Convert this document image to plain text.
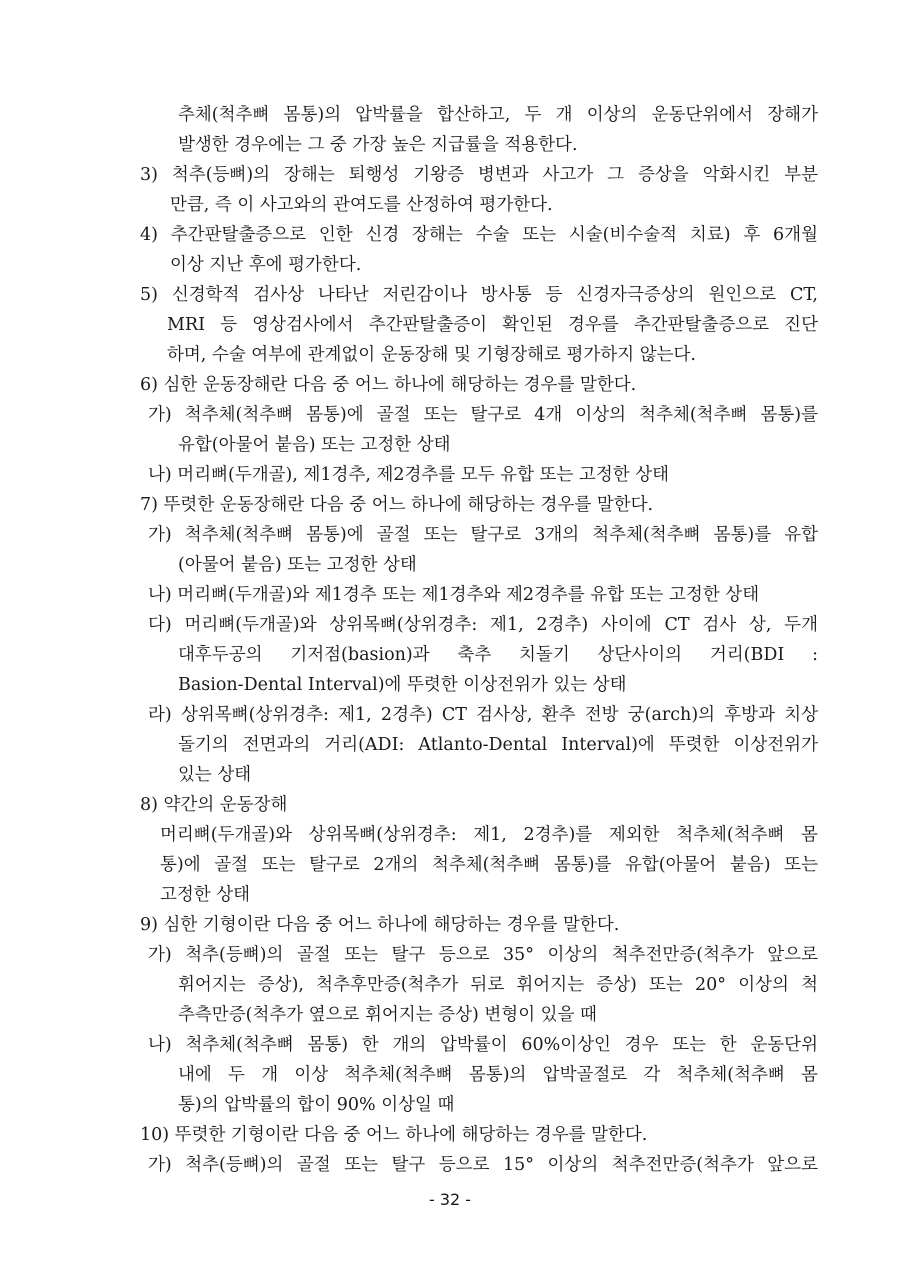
추체(척추뼈 몸통)의 압박률을 합산하고, 두 개 이상의 운동단위에서 장해가
발생한 경우에는 그 중 가장 높은 지급률을 적용한다.
3) 척추(등뼈)의 장해는 퇴행성 기왕증 병변과 사고가 그 증상을 악화시킨 부분
만큼, 즉 이 사고와의 관여도를 산정하여 평가한다.
4) 추간판탈출증으로 인한 신경 장해는 수술 또는 시술(비수술적 치료) 후 6개월
이상 지난 후에 평가한다.
5) 신경학적 검사상 나타난 저린감이나 방사통 등 신경자극증상의 원인으로 CT,
MRI 등 영상검사에서 추간판탈출증이 확인된 경우를 추간판탈출증으로 진단
하며, 수술 여부에 관계없이 운동장해 및 기형장해로 평가하지 않는다.
6) 심한 운동장해란 다음 중 어느 하나에 해당하는 경우를 말한다.
가) 척추체(척추뼈 몸통)에 골절 또는 탈구로 4개 이상의 척추체(척추뼈 몸통)를
유합(아물어 붙음) 또는 고정한 상태
나) 머리뼈(두개골), 제1경추, 제2경추를 모두 유합 또는 고정한 상태
7) 뚜렷한 운동장해란 다음 중 어느 하나에 해당하는 경우를 말한다.
가) 척추체(척추뼈 몸통)에 골절 또는 탈구로 3개의 척추체(척추뼈 몸통)를 유합
(아물어 붙음) 또는 고정한 상태
나) 머리뼈(두개골)와 제1경추 또는 제1경추와 제2경추를 유합 또는 고정한 상태
다) 머리뼈(두개골)와 상위목뼈(상위경추: 제1, 2경추) 사이에 CT 검사 상, 두개
대후두공의 기저점(basion)과 축추 치돌기 상단사이의 거리(BDI :
Basion-Dental Interval)에 뚜렷한 이상전위가 있는 상태
라) 상위목뼈(상위경추: 제1, 2경추) CT 검사상, 환추 전방 궁(arch)의 후방과 치상
돌기의 전면과의 거리(ADI: Atlanto-Dental Interval)에 뚜렷한 이상전위가
있는 상태
8) 약간의 운동장해
머리뼈(두개골)와 상위목뼈(상위경추: 제1, 2경추)를 제외한 척추체(척추뼈 몸
통)에 골절 또는 탈구로 2개의 척추체(척추뼈 몸통)를 유합(아물어 붙음) 또는
고정한 상태
9) 심한 기형이란 다음 중 어느 하나에 해당하는 경우를 말한다.
가) 척추(등뼈)의 골절 또는 탈구 등으로 35° 이상의 척추전만증(척추가 앞으로
휘어지는 증상), 척추후만증(척추가 뒤로 휘어지는 증상) 또는 20° 이상의 척
추측만증(척추가 옆으로 휘어지는 증상) 변형이 있을 때
나) 척추체(척추뼈 몸통) 한 개의 압박률이 60%이상인 경우 또는 한 운동단위
내에 두 개 이상 척추체(척추뼈 몸통)의 압박골절로 각 척추체(척추뼈 몸
통)의 압박률의 합이 90% 이상일 때
10) 뚜렷한 기형이란 다음 중 어느 하나에 해당하는 경우를 말한다.
가) 척추(등뼈)의 골절 또는 탈구 등으로 15° 이상의 척추전만증(척추가 앞으로
- 32 -
